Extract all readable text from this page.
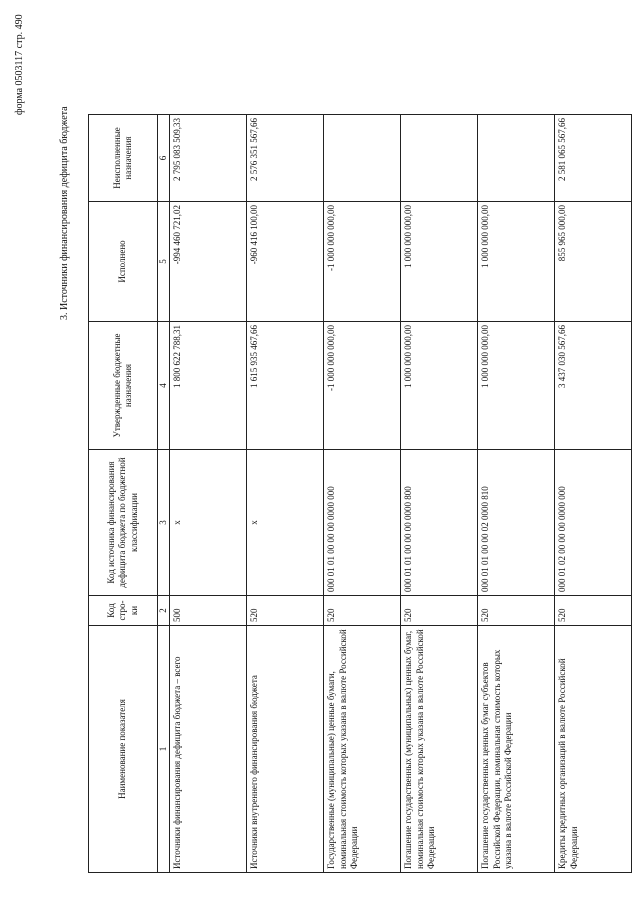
форма 0503117 стр. 490
3. Источники финансирования дефицита бюджета
Наименование показателя	Код стро-ки	Код источника финансирования дефицита бюджета по бюджетной классификации	Утвержденные бюджетные назначения	Исполнено	Неисполненные назначения
1	2	3	4	5	6
Источники финансирования дефицита бюджета – всего	500	x	1 800 622 788,31	-994 460 721,02	2 795 083 509,33
Источники внутреннего финансирования бюджета	520	x	1 615 935 467,66	-960 416 100,00	2 576 351 567,66
Государственные (муниципальные) ценные бумаги, номинальная стоимость которых указана в валюте Российской Федерации	520	000 01 01 00 00 00 0000 000	-1 000 000 000,00	-1 000 000 000,00	
Погашение государственных (муниципальных) ценных бумаг, номинальная стоимость которых указана в валюте Российской Федерации	520	000 01 01 00 00 00 0000 800	1 000 000 000,00	1 000 000 000,00	
Погашение государственных ценных бумаг субъектов Российской Федерации, номинальная стоимость которых указана в валюте Российской Федерации	520	000 01 01 00 00 02 0000 810	1 000 000 000,00	1 000 000 000,00	
Кредиты кредитных организаций в валюте Российской Федерации	520	000 01 02 00 00 00 0000 000	3 437 030 567,66	855 965 000,00	2 581 065 567,66
